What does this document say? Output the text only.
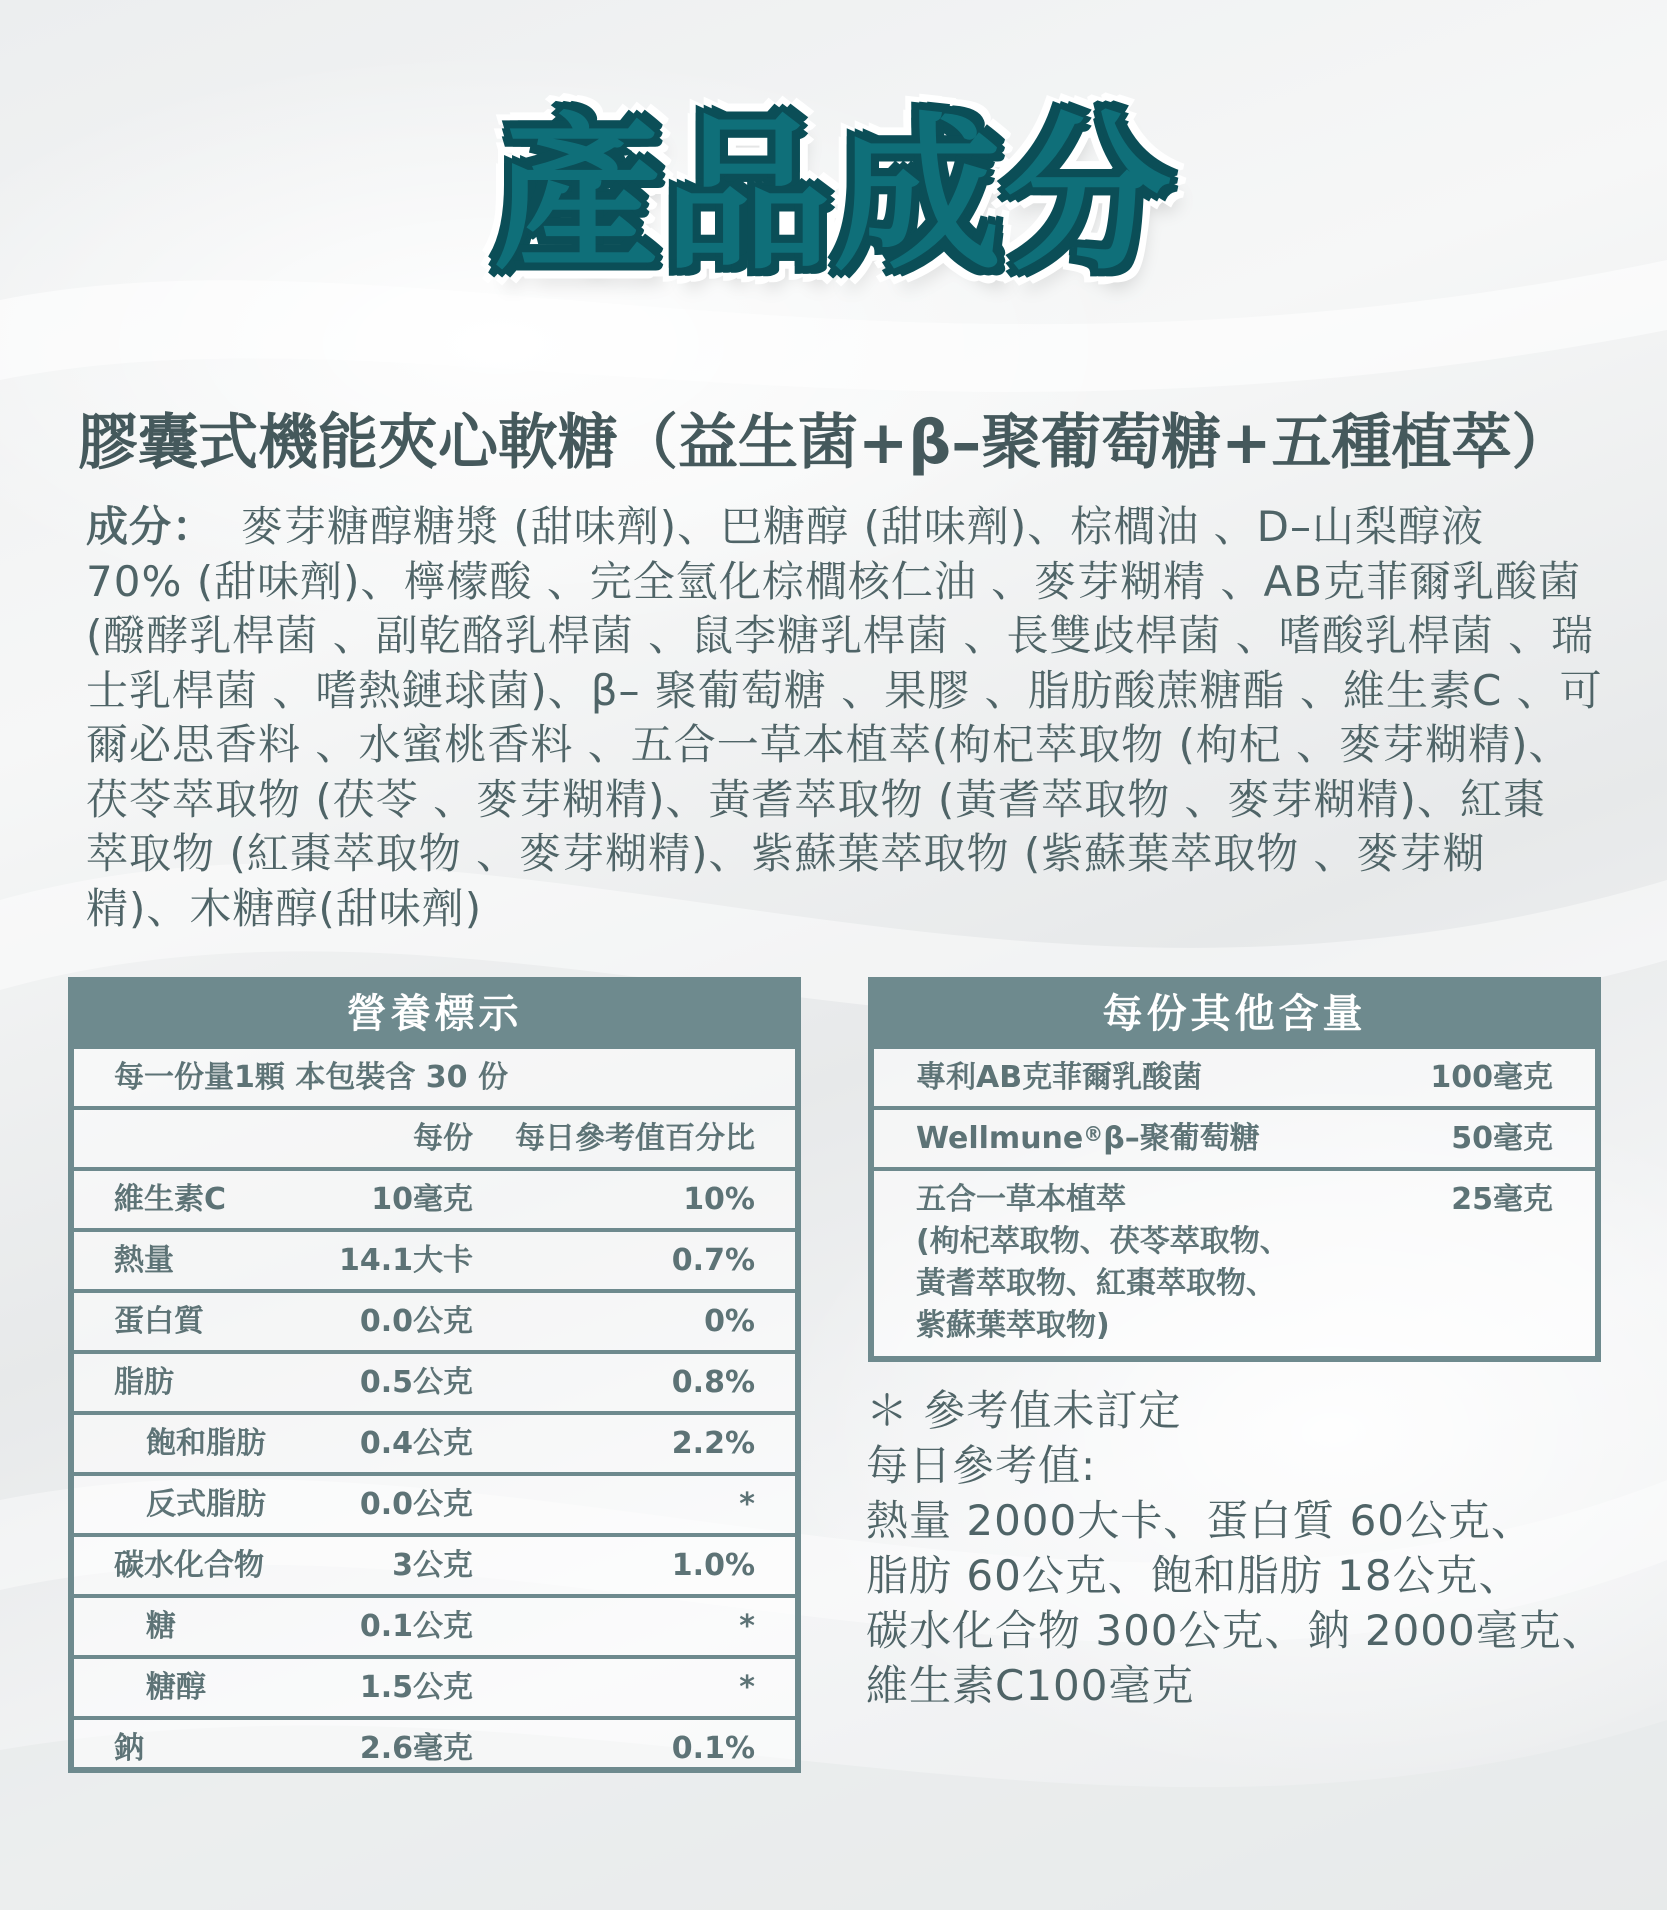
產品成分
膠囊式機能夾心軟糖（益生菌+β–聚葡萄糖+五種植萃）
成分： 麥芽糖醇糖漿 (甜味劑)、巴糖醇 (甜味劑)、棕櫚油 、D–山梨醇液
70% (甜味劑)、檸檬酸 、完全氫化棕櫚核仁油 、麥芽糊精 、AB克菲爾乳酸菌
(醱酵乳桿菌 、副乾酪乳桿菌 、鼠李糖乳桿菌 、長雙歧桿菌 、嗜酸乳桿菌 、瑞
士乳桿菌 、嗜熱鏈球菌)、β– 聚葡萄糖 、果膠 、脂肪酸蔗糖酯 、維生素C 、可
爾必思香料 、水蜜桃香料 、五合一草本植萃(枸杞萃取物 (枸杞 、麥芽糊精)、
茯苓萃取物 (茯苓 、麥芽糊精)、黃耆萃取物 (黃耆萃取物 、麥芽糊精)、紅棗
萃取物 (紅棗萃取物 、麥芽糊精)、紫蘇葉萃取物 (紫蘇葉萃取物 、麥芽糊
精)、木糖醇(甜味劑)
營養標示
每一份量1顆 本包裝含 30 份
每份 每日參考值百分比
維生素C	10毫克	10%
熱量	14.1大卡	0.7%
蛋白質	0.0公克	0%
脂肪	0.5公克	0.8%
飽和脂肪	0.4公克	2.2%
反式脂肪	0.0公克	*
碳水化合物	3公克	1.0%
糖	0.1公克	*
糖醇	1.5公克	*
鈉	2.6毫克	0.1%
每份其他含量
專利AB克菲爾乳酸菌	100毫克
Wellmune®β–聚葡萄糖	50毫克
五合一草本植萃
(枸杞萃取物、茯苓萃取物、
黃耆萃取物、紅棗萃取物、
紫蘇葉萃取物)
25毫克
＊ 參考值未訂定
每日參考值:
熱量 2000大卡、蛋白質 60公克、
脂肪 60公克、飽和脂肪 18公克、
碳水化合物 300公克、鈉 2000毫克、
維生素C100毫克
